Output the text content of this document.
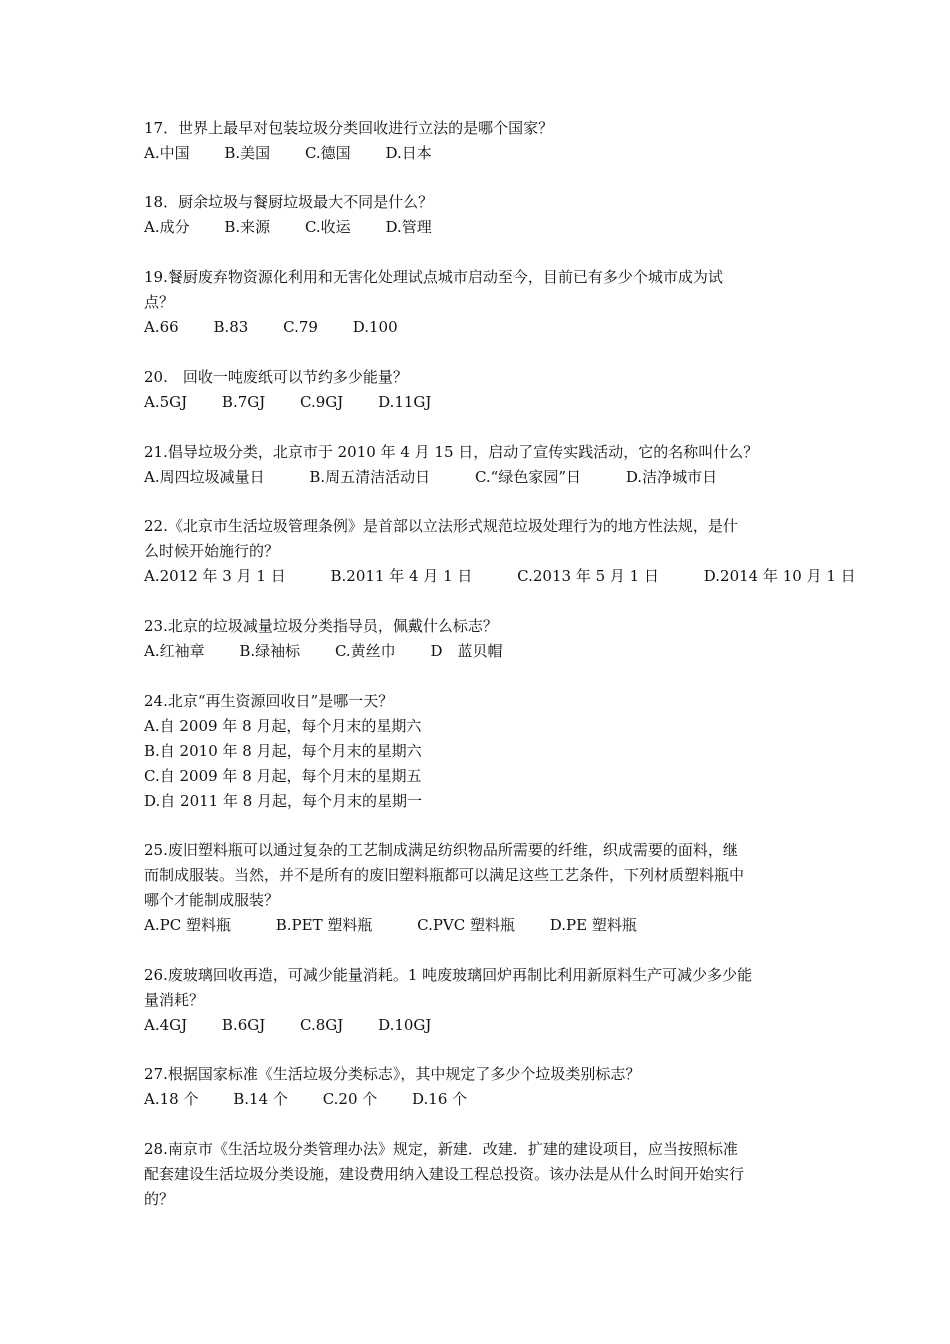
17．世界上最早对包装垃圾分类回收进行立法的是哪个国家？
A.中国 B.美国 C.德国 D.日本
18．厨余垃圾与餐厨垃圾最大不同是什么？
A.成分 B.来源 C.收运 D.管理
19.餐厨废弃物资源化利用和无害化处理试点城市启动至今，目前已有多少个城市成为试
点？
A.66 B.83 C.79 D.100
20.　回收一吨废纸可以节约多少能量？
A.5GJ B.7GJ C.9GJ D.11GJ
21.倡导垃圾分类，北京市于 2010 年 4 月 15 日，启动了宣传实践活动，它的名称叫什么？
A.周四垃圾减量日	B.周五清洁活动日	C.“绿色家园”日	D.洁净城市日
22.《北京市生活垃圾管理条例》是首部以立法形式规范垃圾处理行为的地方性法规，是什
么时候开始施行的？
A.2012 年 3 月 1 日	B.2011 年 4 月 1 日	C.2013 年 5 月 1 日	D.2014 年 10 月 1 日
23.北京的垃圾减量垃圾分类指导员，佩戴什么标志？
A.红袖章 B.绿袖标 C.黄丝巾 D　蓝贝帽
24.北京“再生资源回收日”是哪一天？
A.自 2009 年 8 月起，每个月末的星期六
B.自 2010 年 8 月起，每个月末的星期六
C.自 2009 年 8 月起，每个月末的星期五
D.自 2011 年 8 月起，每个月末的星期一
25.废旧塑料瓶可以通过复杂的工艺制成满足纺织物品所需要的纤维，织成需要的面料，继
而制成服装。当然，并不是所有的废旧塑料瓶都可以满足这些工艺条件，下列材质塑料瓶中
哪个才能制成服装？
A.PC 塑料瓶	B.PET 塑料瓶	C.PVC 塑料瓶 D.PE 塑料瓶
26.废玻璃回收再造，可减少能量消耗。1 吨废玻璃回炉再制比利用新原料生产可减少多少能
量消耗？
A.4GJ B.6GJ C.8GJ D.10GJ
27.根据国家标准《生活垃圾分类标志》，其中规定了多少个垃圾类别标志？
A.18 个 B.14 个 C.20 个 D.16 个
28.南京市《生活垃圾分类管理办法》规定，新建．改建．扩建的建设项目，应当按照标准
配套建设生活垃圾分类设施，建设费用纳入建设工程总投资。该办法是从什么时间开始实行
的？
